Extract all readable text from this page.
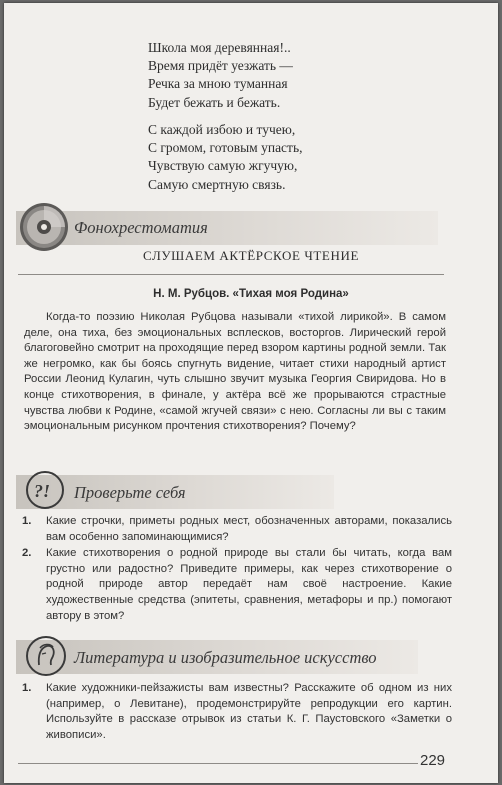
Школа моя деревянная!..
Время придёт уезжать —
Речка за мною туманная
Будет бежать и бежать.
С каждой избою и тучею,
С громом, готовым упасть,
Чувствую самую жгучую,
Самую смертную связь.
Фонохрестоматия
СЛУШАЕМ АКТЁРСКОЕ ЧТЕНИЕ
Н. М. Рубцов. «Тихая моя Родина»
Когда-то поэзию Николая Рубцова называли «тихой лирикой». В самом деле, она тиха, без эмоциональных всплесков, восторгов. Лирический герой благоговейно смотрит на проходящие перед взором картины родной земли. Так же негромко, как бы боясь спугнуть видение, читает стихи народный артист России Леонид Кулагин, чуть слышно звучит музыка Георгия Свиридова. Но в конце стихотворения, в финале, у актёра всё же прорываются страстные чувства любви к Родине, «самой жгучей связи» с нею. Согласны ли вы с таким эмоциональным рисунком прочтения стихотворения? Почему?
?! Проверьте себя
1. Какие строчки, приметы родных мест, обозначенных авторами, показались вам особенно запоминающимися?
2. Какие стихотворения о родной природе вы стали бы читать, когда вам грустно или радостно? Приведите примеры, как через стихотворение о родной природе автор передаёт нам своё настроение. Какие художественные средства (эпитеты, сравнения, метафоры и пр.) помогают автору в этом?
Литература и изобразительное искусство
1. Какие художники-пейзажисты вам известны? Расскажите об одном из них (например, о Левитане), продемонстрируйте репродукции его картин. Используйте в рассказе отрывок из статьи К. Г. Паустовского «Заметки о живописи».
229
